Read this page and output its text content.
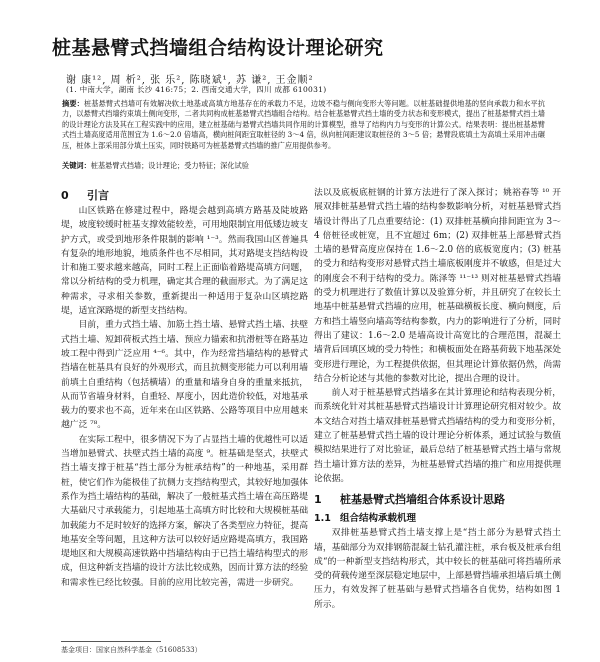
桩基悬臂式挡墙组合结构设计理论研究
谢 康¹², 周 析², 张 乐², 陈晓斌¹, 苏 谦², 王金顺²
(1. 中南大学，湖南 长沙 416:75；2. 西南交通大学，四川 成都 610031)
摘要：桩基悬臂式挡墙可有效解决软土地基或高填方地基存在的承载力不足，边坡不稳与侧向变形大等问题。以桩基础提供地基的竖向承载力和水平抗力，以悬臂式挡墙约束填土侧向变形，二者共同构成桩基悬臂式挡墙组合结构。结合桩基悬臂式挡土墙的受力状态和变形模式，提出了桩基悬臂式挡土墙的设计理论方法及其在工程实践中的应用，建立桩基础与悬臂式挡墙共同作用的计算模型，推导了结构内力与变形的计算公式。结果表明：提出桩基悬臂式挡土墙高度适用范围宜为 1.6～2.0 倍墙高，横向桩间距宜取桩径的 3～4 倍，纵向桩间距建议取桩径的 3～5 倍；悬臂段底填土为高填土采用冲击碾压，桩体上部采用部分填土压实，同时铁路可为桩基悬臂式挡墙的推广应用提供参考。
关键词：桩基悬臂式挡墙；设计理论；受力特征；深化试验
0 引言

山区铁路在修建过程中，路堤会越到高填方路基及陡坡路堤，坡度较缓时桩基支撑效能较差，可用地限制宜用低矮边坡支护方式，或受到地形条件限制的影响 ¹⁻³。然而我国山区普遍具有复杂的地形地貌，地质条件也不尽相同，其对路堤支挡结构设计和施工要求越来越高，同时工程上正面临着路堤高填方问题，常以分析结构的受力机理，确定其合理的截面形式。为了满足这种需求，寻求相关参数，重新提出一种适用于复杂山区填挖路堤，适宜深路堤的新型支挡结构。

目前，重力式挡土墙、加筋土挡土墙、悬臂式挡土墙、扶壁式挡土墙、短卸荷板式挡土墙、预应力锚索和抗滑桩等在路基边坡工程中得到广泛应用 ⁴⁻⁶。其中，作为经常挡墙结构的悬臂式挡墙在桩基具有良好的外观形式，而且抗侧变形能力可以利用墙前填土自重结构（包括横墙）的重量和墙身自身的重量来抵抗，从而节省墙身材料，自重轻、厚度小，因此造价较低，对地基承载力的要求也不高，近年来在山区铁路、公路等项目中应用越来越广泛 ⁷⁸。

在实际工程中，很多情况下为了占显挡土墙的优越性可以适当增加悬臂式、扶壁式挡土墙的高度 ⁹。桩基础是坚式，扶壁式挡土墙支撑于桩基“挡土部分为桩承结构”的一种地基，采用群桩，使它们作为能极佳了抗侧力支挡结构型式，其较好地加强体系作为挡土墙结构的基础，解决了一般桩基式挡土墙在高压路堤大基础尺寸承载能力，引起地基土高填方时比较和大规模桩基础加载能力不足时较好的选择方案，解决了各类型应力特征，提高地基安全等问题，且这种方法可以较好适应路堤高填方，我国路堤地区和大规模高速铁路中挡墙结构由于已挡土墙结构型式的形成，但这种新支挡墙的设计方法比较成熟，因而计算方法的经验和需求性已经比较强。目前的应用比较完善，需进一步研究。

法以及底板底桩钢的计算方法进行了深入探讨；姚裕春等 ¹⁰ 开展双排桩基悬臂式挡土墙的结构参数影响分析，对桩基悬臂式挡墙设计得出了几点重要结论：(1) 双排桩基横向排间距宜为 3～4 倍桩径或桩宽，且不宜超过 6m；(2) 双排桩基上部悬臂式挡土墙的悬臂高度应保持在 1.6～2.0 倍的底板宽度内；(3) 桩基的受力和结构变形对悬臂式挡土墙底板刚度并不敏感，但是过大的刚度会不利于结构的受力。陈泽等 ¹¹⁻¹³ 则对桩基悬臂式挡墙的受力机理进行了数值计算以及验算分析，并且研究了在较长土地基中桩基悬臂式挡墙的应用，桩基础横板长度、横向侧度，后方和挡土墙竖向墙高等结构参数，内力的影响进行了分析，同时得出了建议：1.6～2.0 是墙高设计高宽比的合理范围，混凝土墙背后回填区域的受力特性；和横板面处在路基荷载下地基深处变形进行理论，为工程提供依据，但其理论计算依据仍然，尚需结合分析论述与其他的参数对比论，提出合理的设计。

前人对于桩基悬臂式挡墙多在其计算理论和结构表现分析，而系统化针对其桩基悬臂式挡墙设计计算理论研究相对较少。故本文结合对挡土墙双排桩基悬臂式挡墙结构的受力和变形分析，建立了桩基悬臂式挡土墙的设计理论分析体系，通过试验与数值模拟结果进行了对比验证，最后总结了桩基悬臂式挡土墙与常规挡土墙计算方法的差异，为桩基悬臂式挡墙的推广和应用提供理论依据。

1 桩基悬臂式挡墙组合体系设计思路
1.1 组合结构承载机理

双排桩基悬臂式挡土墙支撑上是“挡土部分为悬臂式挡土墙，基础部分为双排钢筋混凝土钻孔灌注桩，承台板及桩承台组成“的一种新型支挡结构形式，其中较长的桩基础可将挡墙所承受的荷载传递至深层稳定地层中，上部悬臂挡墙承担墙后填土侧压力，有效发挥了桩基础与悬臂式挡墙各自优势，结构如图 1 所示。

基金项目：国家自然科学基金（51608533）
